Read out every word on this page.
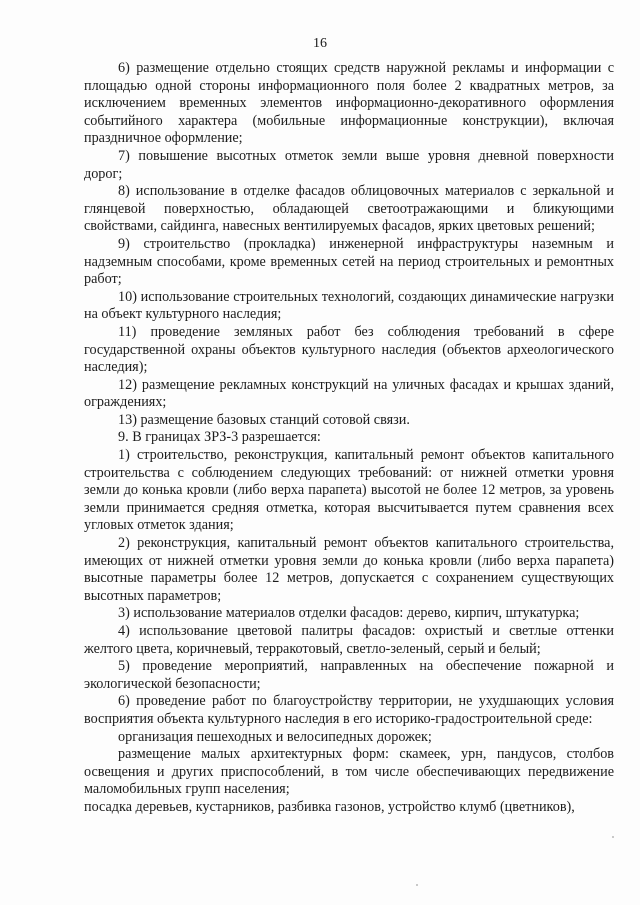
16

6) размещение отдельно стоящих средств наружной рекламы и информации с площадью одной стороны информационного поля более 2 квадратных метров, за исключением временных элементов информационно-декоративного оформления событийного характера (мобильные информационные конструкции), включая праздничное оформление;

7) повышение высотных отметок земли выше уровня дневной поверхности дорог;

8) использование в отделке фасадов облицовочных материалов с зеркальной и глянцевой поверхностью, обладающей светоотражающими и бликующими свойствами, сайдинга, навесных вентилируемых фасадов, ярких цветовых решений;

9) строительство (прокладка) инженерной инфраструктуры наземным и надземным способами, кроме временных сетей на период строительных и ремонтных работ;

10) использование строительных технологий, создающих динамические нагрузки на объект культурного наследия;

11) проведение земляных работ без соблюдения требований в сфере государственной охраны объектов культурного наследия (объектов археологического наследия);

12) размещение рекламных конструкций на уличных фасадах и крышах зданий, ограждениях;

13) размещение базовых станций сотовой связи.

9. В границах ЗРЗ-3 разрешается:

1) строительство, реконструкция, капитальный ремонт объектов капитального строительства с соблюдением следующих требований: от нижней отметки уровня земли до конька кровли (либо верха парапета) высотой не более 12 метров, за уровень земли принимается средняя отметка, которая высчитывается путем сравнения всех угловых отметок здания;

2) реконструкция, капитальный ремонт объектов капитального строительства, имеющих от нижней отметки уровня земли до конька кровли (либо верха парапета) высотные параметры более 12 метров, допускается с сохранением существующих высотных параметров;

3) использование материалов отделки фасадов: дерево, кирпич, штукатурка;

4) использование цветовой палитры фасадов: охристый и светлые оттенки желтого цвета, коричневый, терракотовый, светло-зеленый, серый и белый;

5) проведение мероприятий, направленных на обеспечение пожарной и экологической безопасности;

6) проведение работ по благоустройству территории, не ухудшающих условия восприятия объекта культурного наследия в его историко-градостроительной среде:

организация пешеходных и велосипедных дорожек;

размещение малых архитектурных форм: скамеек, урн, пандусов, столбов освещения и других приспособлений, в том числе обеспечивающих передвижение маломобильных групп населения;

посадка деревьев, кустарников, разбивка газонов, устройство клумб (цветников),
